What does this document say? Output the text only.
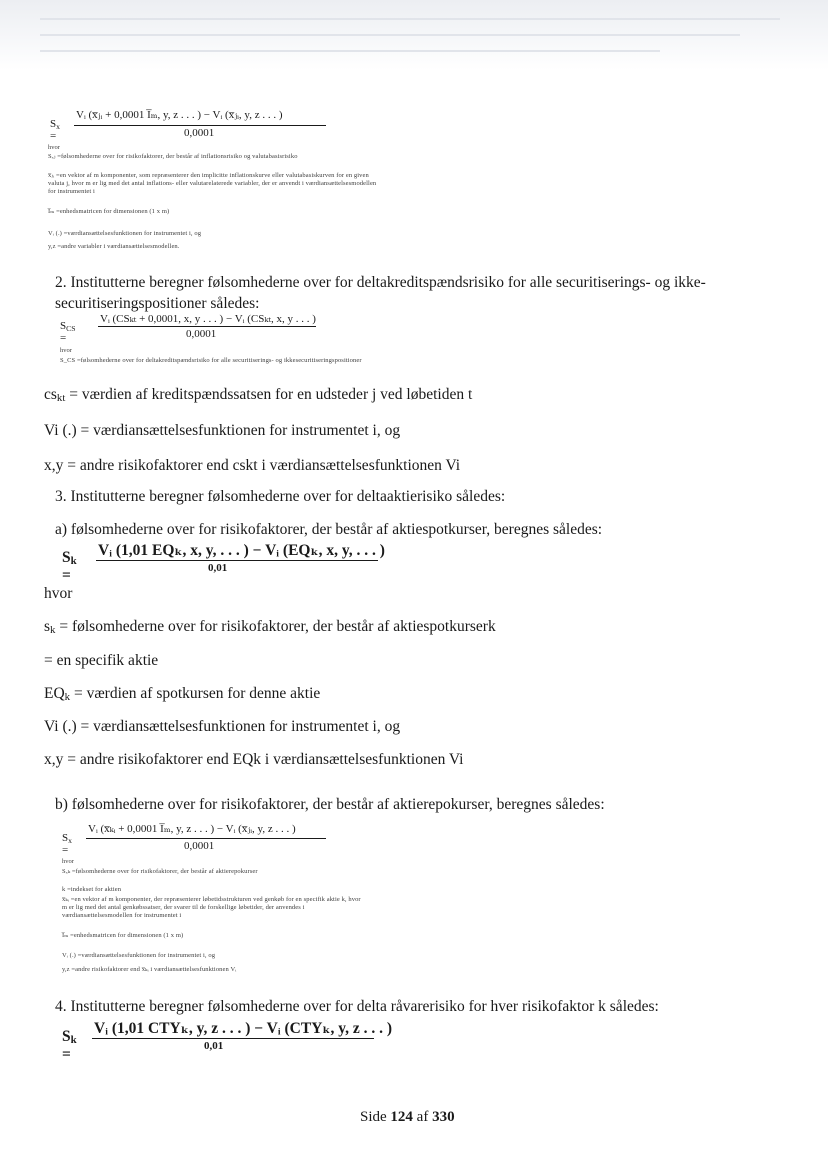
$S_x$ =
Vᵢ (x̅ⱼᵢ + 0,0001 I̅ₘ, y, z . . . ) − Vᵢ (x̅ⱼᵢ, y, z . . . )
0,0001
hvor
Sₓⱼ =følsomhederne over for risikofaktorer, der består af inflationsrisiko og valutabasisrisiko
x̅ⱼᵢ =en vektor af m komponenter, som repræsenterer den implicitte inflationskurve eller valutabasiskurven for en given valuta j, hvor m er lig med det antal inflations- eller valutarelaterede variabler, der er anvendt i værdiansættelsesmodellen for instrumentet i
I̅ₘ =enhedsmatricen for dimensionen (1 x m)
Vᵢ (.) =værdiansættelsesfunktionen for instrumentet i, og
y,z =andre variabler i værdiansættelsesmodellen.
2. Institutterne beregner følsomhederne over for deltakreditspændsrisiko for alle securitiserings- og ikke-securitiseringspositioner således:
$S_{CS}$ =
Vᵢ (CSₖₜ + 0,0001, x, y . . . ) − Vᵢ (CSₖₜ, x, y . . . )
0,0001
hvor
S_CS =følsomhederne over for deltakreditspændsrisiko for alle securitiserings- og ikkesecuritiseringspositioner
$cs_{kt}$ = værdien af kreditspændssatsen for en udsteder j ved løbetiden t
Vi (.) = værdiansættelsesfunktionen for instrumentet i, og
x,y = andre risikofaktorer end cskt i værdiansættelsesfunktionen Vi
3. Institutterne beregner følsomhederne over for deltaaktierisiko således:
a) følsomhederne over for risikofaktorer, der består af aktiespotkurser, beregnes således:
$S_k$ =
Vᵢ (1,01 EQₖ, x, y, . . . ) − Vᵢ (EQₖ, x, y, . . . )
0,01
hvor
$s_k$ = følsomhederne over for risikofaktorer, der består af aktiespotkurserk
= en specifik aktie
$EQ_k$ = værdien af spotkursen for denne aktie
Vi (.) = værdiansættelsesfunktionen for instrumentet i, og
x,y = andre risikofaktorer end EQk i værdiansættelsesfunktionen Vi
b) følsomhederne over for risikofaktorer, der består af aktierepokurser, beregnes således:
$S_x$ =
Vᵢ (x̅ₖᵢ + 0,0001 I̅ₘ, y, z . . . ) − Vᵢ (x̅ⱼᵢ, y, z . . . )
0,0001
hvor
Sₓₖ =følsomhederne over for risikofaktorer, der består af aktierepokurser
k =indekset for aktien
x̅ₖᵢ =en vektor af m komponenter, der repræsenterer løbetidsstrukturen ved genkøb for en specifik aktie k, hvor m er lig med det antal genkøbssatser, der svarer til de forskellige løbetider, der anvendes i værdiansættelsesmodellen for instrumentet i
I̅ₘ =enhedsmatricen for dimensionen (1 x m)
Vᵢ (.) =værdiansættelsesfunktionen for instrumentet i, og
y,z =andre risikofaktorer end x̅ₖᵢ i værdiansættelsesfunktionen Vᵢ
4. Institutterne beregner følsomhederne over for delta råvarerisiko for hver risikofaktor k således:
$S_k$ =
Vᵢ (1,01 CTYₖ, y, z . . . ) − Vᵢ (CTYₖ, y, z . . . )
0,01
Side 124 af 330
